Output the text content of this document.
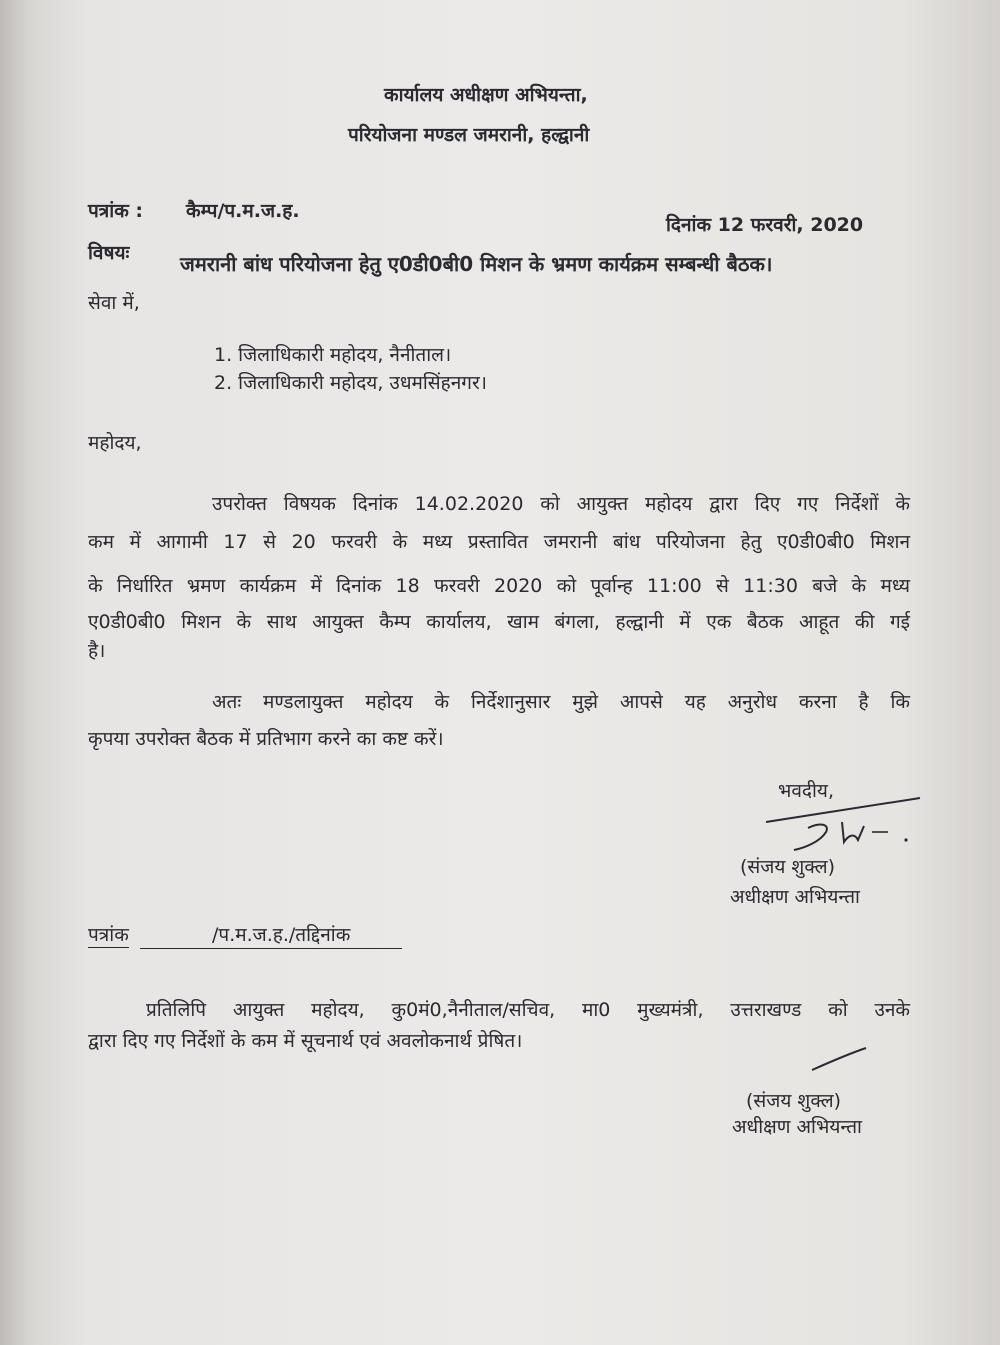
कार्यालय अधीक्षण अभियन्ता,
परियोजना मण्डल जमरानी, हल्द्वानी
पत्रांक : कैम्प/प.म.ज.ह.
दिनांक 12 फरवरी, 2020
विषयः	जमरानी बांध परियोजना हेतु ए0डी0बी0 मिशन के भ्रमण कार्यक्रम सम्बन्धी बैठक।
सेवा में,
1. जिलाधिकारी महोदय, नैनीताल।
2. जिलाधिकारी महोदय, उधमसिंहनगर।
महोदय,
उपरोक्त विषयक दिनांक 14.02.2020 को आयुक्त महोदय द्वारा दिए गए निर्देशों के
कम में आगामी 17 से 20 फरवरी के मध्य प्रस्तावित जमरानी बांध परियोजना हेतु ए0डी0बी0 मिशन
के निर्धारित भ्रमण कार्यक्रम में दिनांक 18 फरवरी 2020 को पूर्वान्ह 11:00 से 11:30 बजे के मध्य
ए0डी0बी0 मिशन के साथ आयुक्त कैम्प कार्यालय, खाम बंगला, हल्द्वानी में एक बैठक आहूत की गई
है।
अतः मण्डलायुक्त महोदय के निर्देशानुसार मुझे आपसे यह अनुरोध करना है कि
कृपया उपरोक्त बैठक में प्रतिभाग करने का कष्ट करें।
भवदीय,
(संजय शुक्ल)
अधीक्षण अभियन्ता
पत्रांक	/प.म.ज.ह./तद्दिनांक
प्रतिलिपि आयुक्त महोदय, कु0मं0,नैनीताल/सचिव, मा0 मुख्यमंत्री, उत्तराखण्ड को उनके
द्वारा दिए गए निर्देशों के कम में सूचनार्थ एवं अवलोकनार्थ प्रेषित।
(संजय शुक्ल)
अधीक्षण अभियन्ता
